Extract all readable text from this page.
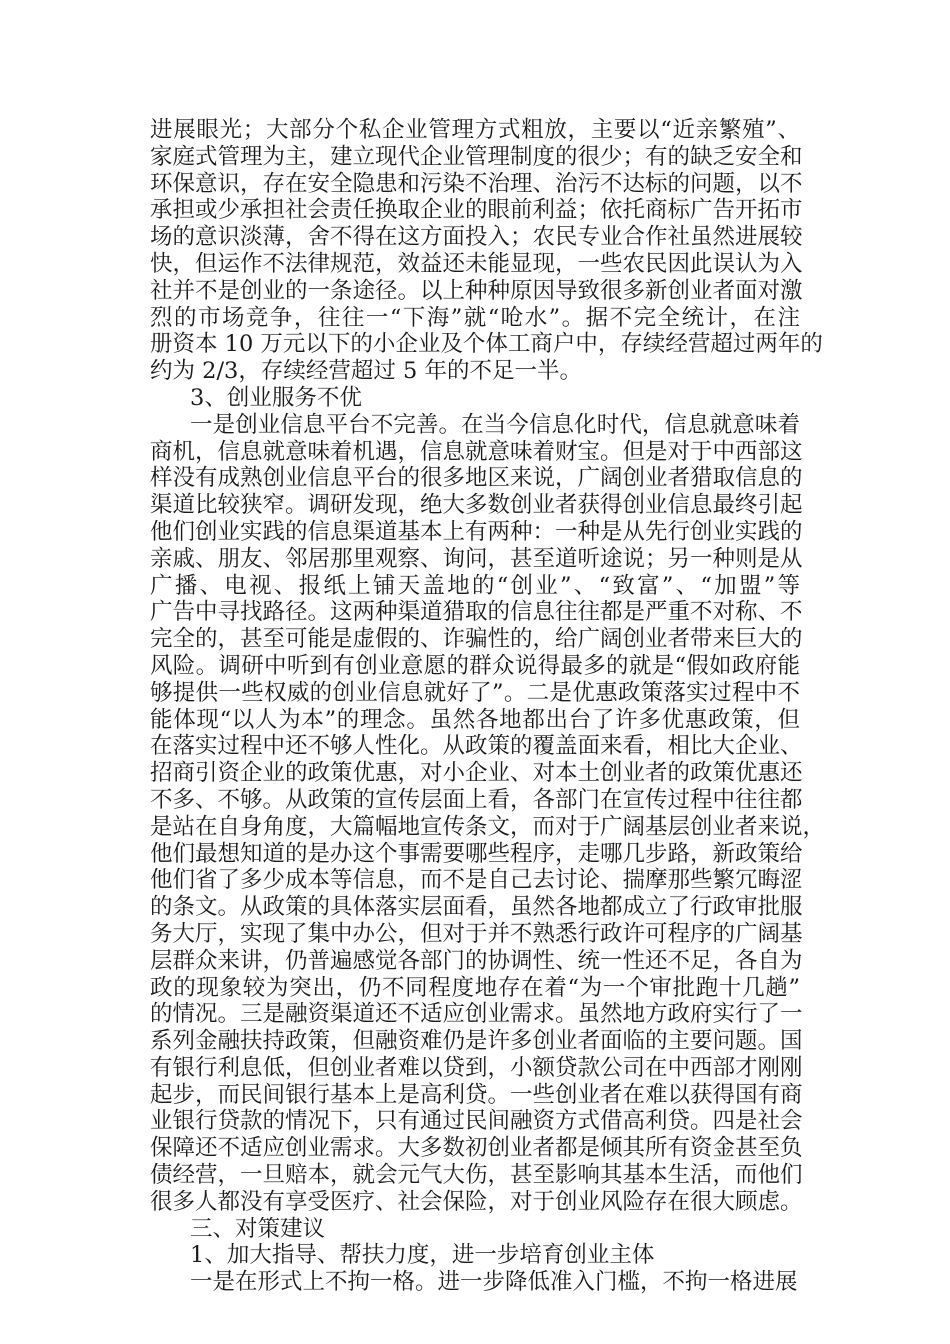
进展眼光；大部分个私企业管理方式粗放，主要以“近亲繁殖”、
家庭式管理为主，建立现代企业管理制度的很少；有的缺乏安全和
环保意识，存在安全隐患和污染不治理、治污不达标的问题，以不
承担或少承担社会责任换取企业的眼前利益；依托商标广告开拓市
场的意识淡薄，舍不得在这方面投入；农民专业合作社虽然进展较
快，但运作不法律规范，效益还未能显现，一些农民因此误认为入
社并不是创业的一条途径。以上种种原因导致很多新创业者面对激
烈的市场竞争，往往一“下海”就“呛水”。据不完全统计，在注
册资本 10 万元以下的小企业及个体工商户中，存续经营超过两年的
约为 2/3，存续经营超过 5 年的不足一半。
3、创业服务不优
一是创业信息平台不完善。在当今信息化时代，信息就意味着
商机，信息就意味着机遇，信息就意味着财宝。但是对于中西部这
样没有成熟创业信息平台的很多地区来说，广阔创业者猎取信息的
渠道比较狭窄。调研发现，绝大多数创业者获得创业信息最终引起
他们创业实践的信息渠道基本上有两种：一种是从先行创业实践的
亲戚、朋友、邻居那里观察、询问，甚至道听途说；另一种则是从
广播、电视、报纸上铺天盖地的“创业”、“致富”、“加盟”等
广告中寻找路径。这两种渠道猎取的信息往往都是严重不对称、不
完全的，甚至可能是虚假的、诈骗性的，给广阔创业者带来巨大的
风险。调研中听到有创业意愿的群众说得最多的就是“假如政府能
够提供一些权威的创业信息就好了”。二是优惠政策落实过程中不
能体现“以人为本”的理念。虽然各地都出台了许多优惠政策，但
在落实过程中还不够人性化。从政策的覆盖面来看，相比大企业、
招商引资企业的政策优惠，对小企业、对本土创业者的政策优惠还
不多、不够。从政策的宣传层面上看，各部门在宣传过程中往往都
是站在自身角度，大篇幅地宣传条文，而对于广阔基层创业者来说，
他们最想知道的是办这个事需要哪些程序，走哪几步路，新政策给
他们省了多少成本等信息，而不是自己去讨论、揣摩那些繁冗晦涩
的条文。从政策的具体落实层面看，虽然各地都成立了行政审批服
务大厅，实现了集中办公，但对于并不熟悉行政许可程序的广阔基
层群众来讲，仍普遍感觉各部门的协调性、统一性还不足，各自为
政的现象较为突出，仍不同程度地存在着“为一个审批跑十几趟”
的情况。三是融资渠道还不适应创业需求。虽然地方政府实行了一
系列金融扶持政策，但融资难仍是许多创业者面临的主要问题。国
有银行利息低，但创业者难以贷到，小额贷款公司在中西部才刚刚
起步，而民间银行基本上是高利贷。一些创业者在难以获得国有商
业银行贷款的情况下，只有通过民间融资方式借高利贷。四是社会
保障还不适应创业需求。大多数初创业者都是倾其所有资金甚至负
债经营，一旦赔本，就会元气大伤，甚至影响其基本生活，而他们
很多人都没有享受医疗、社会保险，对于创业风险存在很大顾虑。
三、对策建议
1、加大指导、帮扶力度，进一步培育创业主体
一是在形式上不拘一格。进一步降低准入门槛，不拘一格进展
